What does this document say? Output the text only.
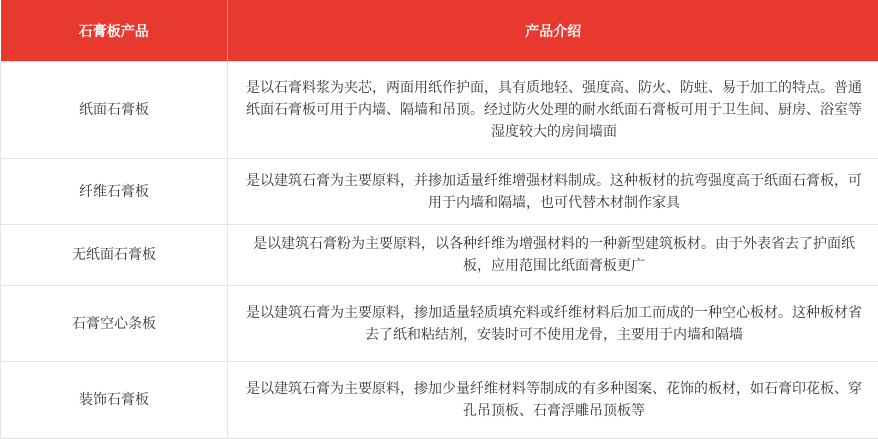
石膏板产品	产品介绍
纸面石膏板	是以石膏料浆为夹芯，两面用纸作护面，具有质地轻、强度高、防火、防蛀、易于加工的特点。普通纸面石膏板可用于内墙、隔墙和吊顶。经过防火处理的耐水纸面石膏板可用于卫生间、厨房、浴室等湿度较大的房间墙面
纤维石膏板	是以建筑石膏为主要原料，并掺加适量纤维增强材料制成。这种板材的抗弯强度高于纸面石膏板，可用于内墙和隔墙，也可代替木材制作家具
无纸面石膏板	是以建筑石膏粉为主要原料，以各种纤维为增强材料的一种新型建筑板材。由于外表省去了护面纸板，应用范围比纸面膏板更广
石膏空心条板	是以建筑石膏为主要原料，掺加适量轻质填充料或纤维材料后加工而成的一种空心板材。这种板材省去了纸和粘结剂，安装时可不使用龙骨，主要用于内墙和隔墙
装饰石膏板	是以建筑石膏为主要原料，掺加少量纤维材料等制成的有多种图案、花饰的板材，如石膏印花板、穿孔吊顶板、石膏浮雕吊顶板等
